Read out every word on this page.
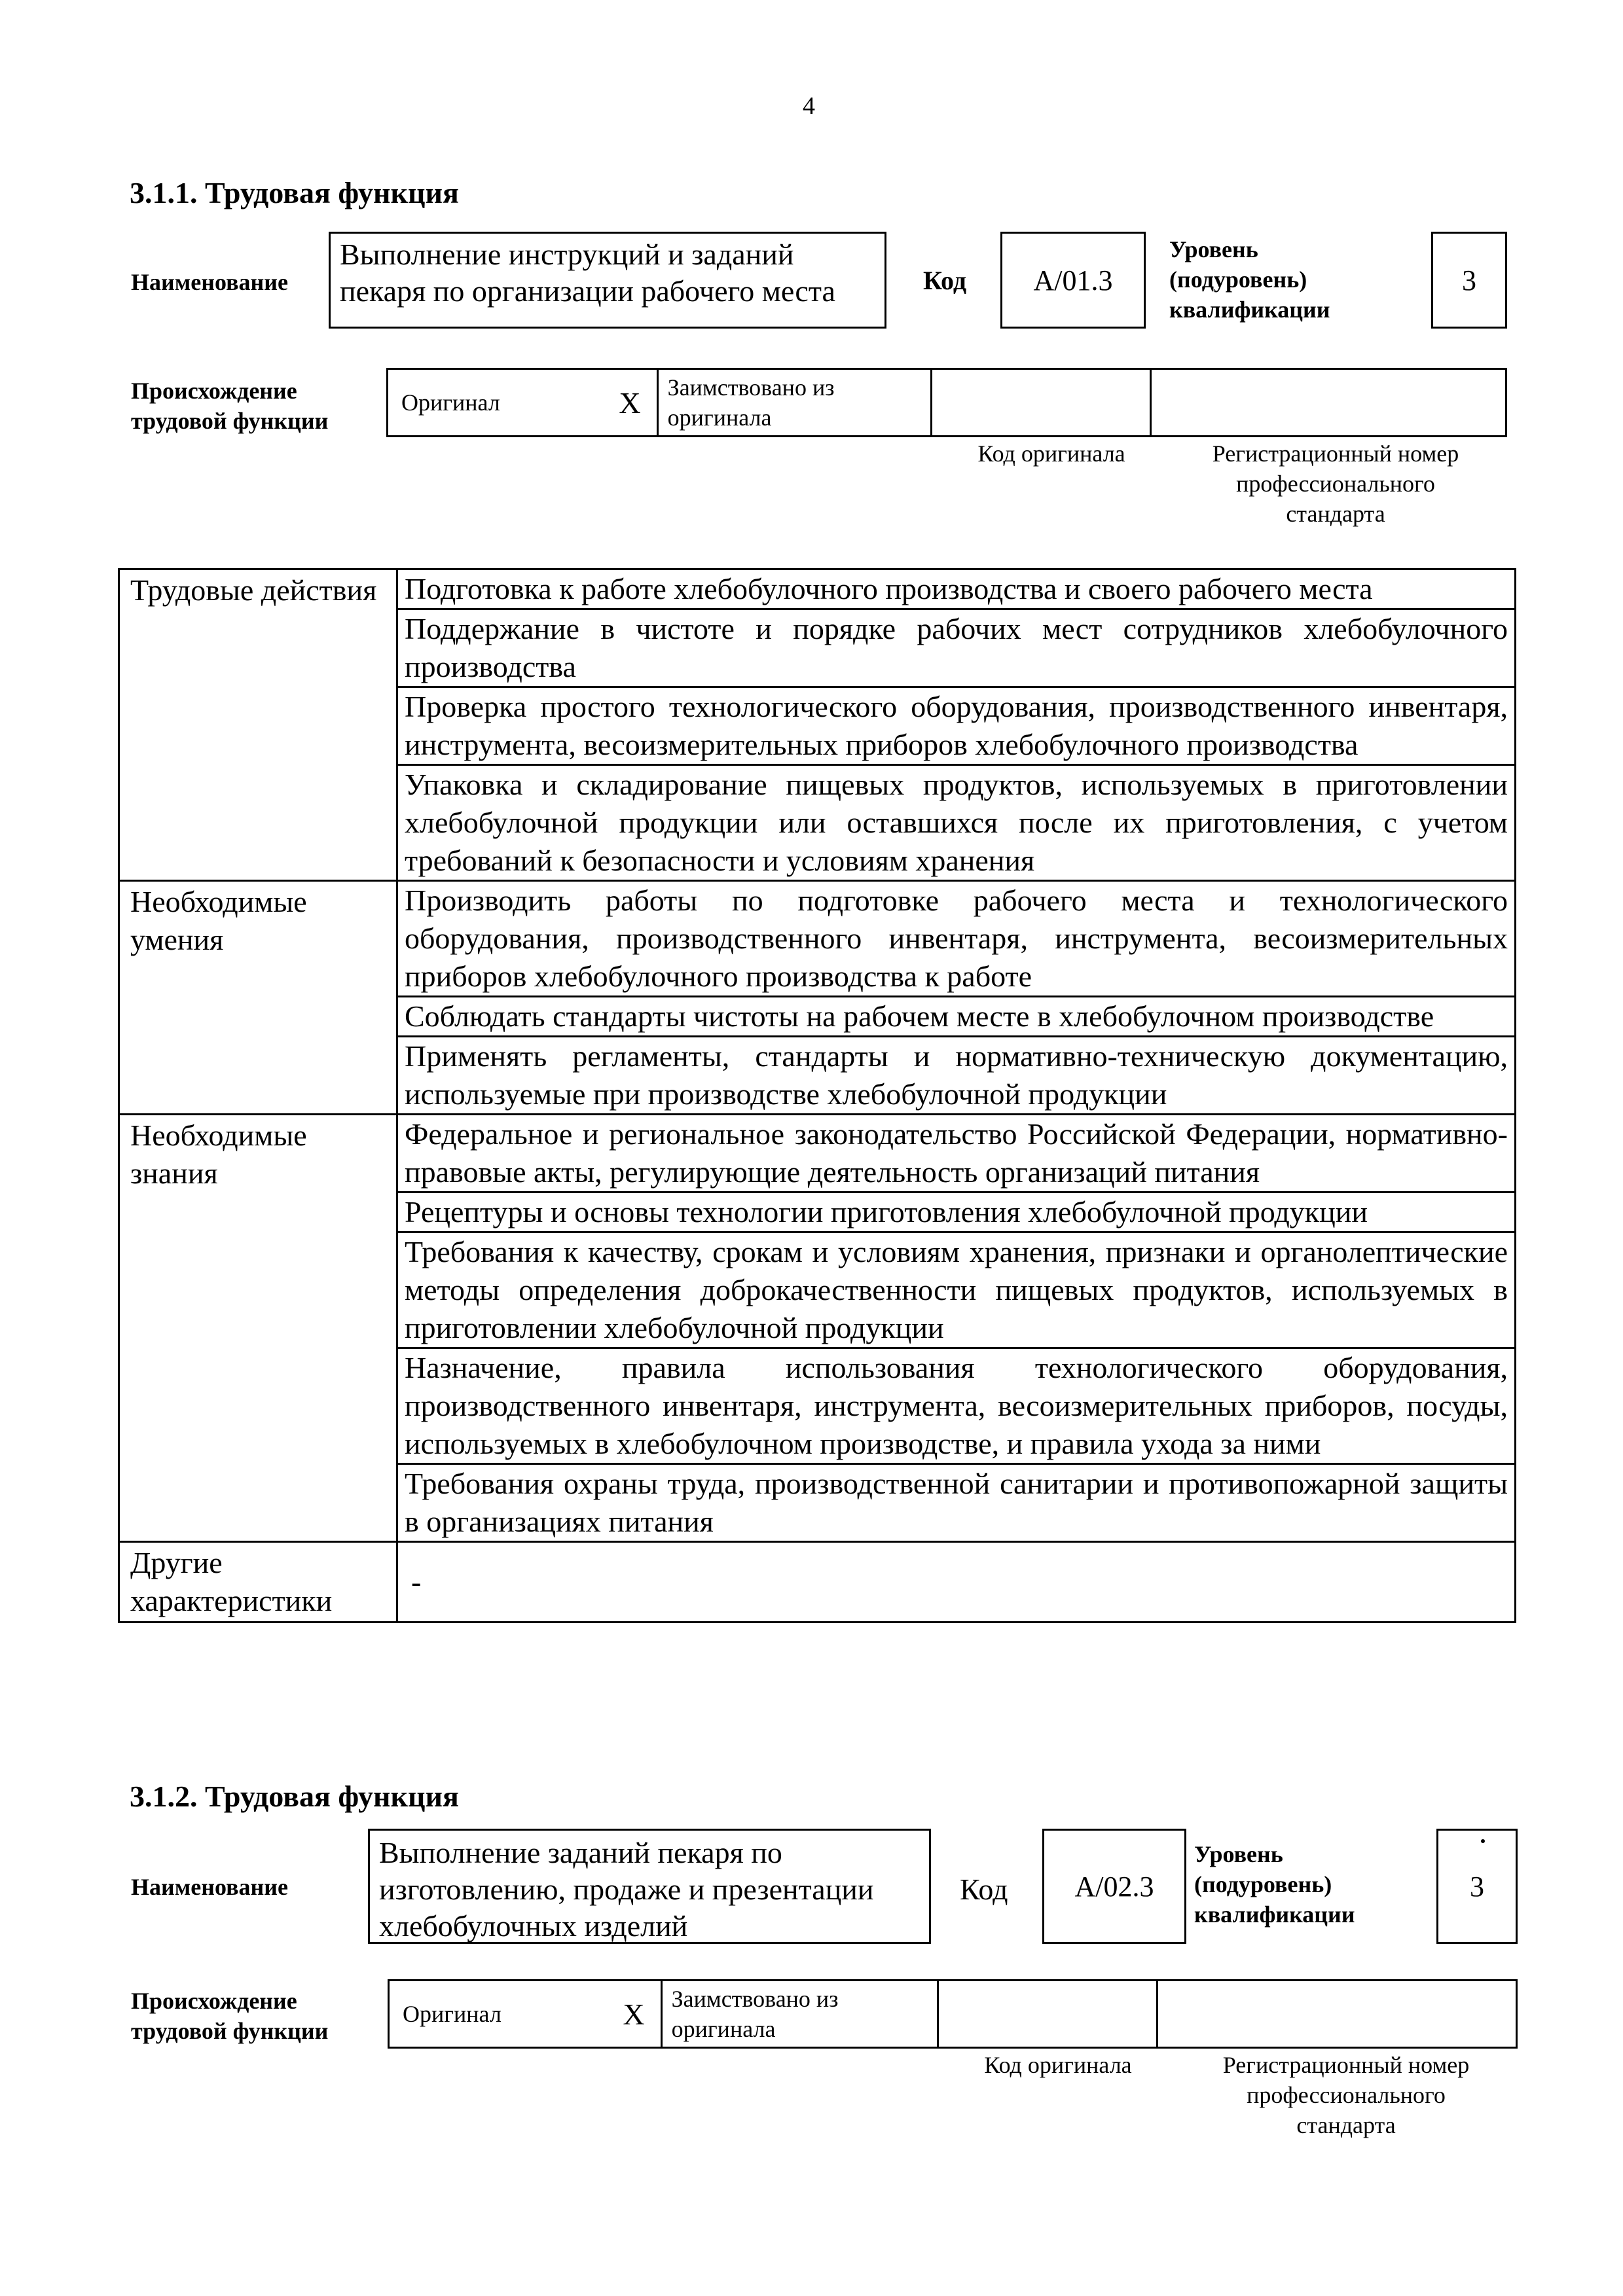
4
3.1.1. Трудовая функция
Наименование
Выполнение инструкций и заданий пекаря по организации рабочего места	Код	А/01.3
Уровень
(подуровень)
квалификации
3
Происхождение
трудовой функции
Оригинал	X Заимствовано из
оригинала
Код оригинала	Регистрационный номер
профессионального
стандарта
Трудовые действия	Подготовка к работе хлебобулочного производства и своего рабочего места
	Поддержание в чистоте и порядке рабочих мест сотрудников хлебобулочного производства
	Проверка простого технологического оборудования, производственного инвентаря, инструмента, весоизмерительных приборов хлебобулочного производства
	Упаковка и складирование пищевых продуктов, используемых в приготовлении хлебобулочной продукции или оставшихся после их приготовления, с учетом требований к безопасности и условиям хранения
Необходимые умения	Производить работы по подготовке рабочего места и технологического оборудования, производственного инвентаря, инструмента, весоизмерительных приборов хлебобулочного производства к работе
	Соблюдать стандарты чистоты на рабочем месте в хлебобулочном производстве
	Применять регламенты, стандарты и нормативно-техническую документацию, используемые при производстве хлебобулочной продукции
Необходимые знания	Федеральное и региональное законодательство Российской Федерации, нормативно-правовые акты, регулирующие деятельность организаций питания
	Рецептуры и основы технологии приготовления хлебобулочной продукции
	Требования к качеству, срокам и условиям хранения, признаки и органолептические методы определения доброкачественности пищевых продуктов, используемых в приготовлении хлебобулочной продукции
	Назначение, правила использования технологического оборудования, производственного инвентаря, инструмента, весоизмерительных приборов, посуды, используемых в хлебобулочном производстве, и правила ухода за ними
	Требования охраны труда, производственной санитарии и противопожарной защиты в организациях питания
Другие характеристики	-
3.1.2. Трудовая функция
Наименование
Выполнение заданий пекаря по изготовлению, продаже и презентации хлебобулочных изделий
Код	А/02.3
Уровень
(подуровень)
квалификации
3
Происхождение
трудовой функции
Оригинал	X Заимствовано из
оригинала
Код оригинала	Регистрационный номер
профессионального
стандарта
